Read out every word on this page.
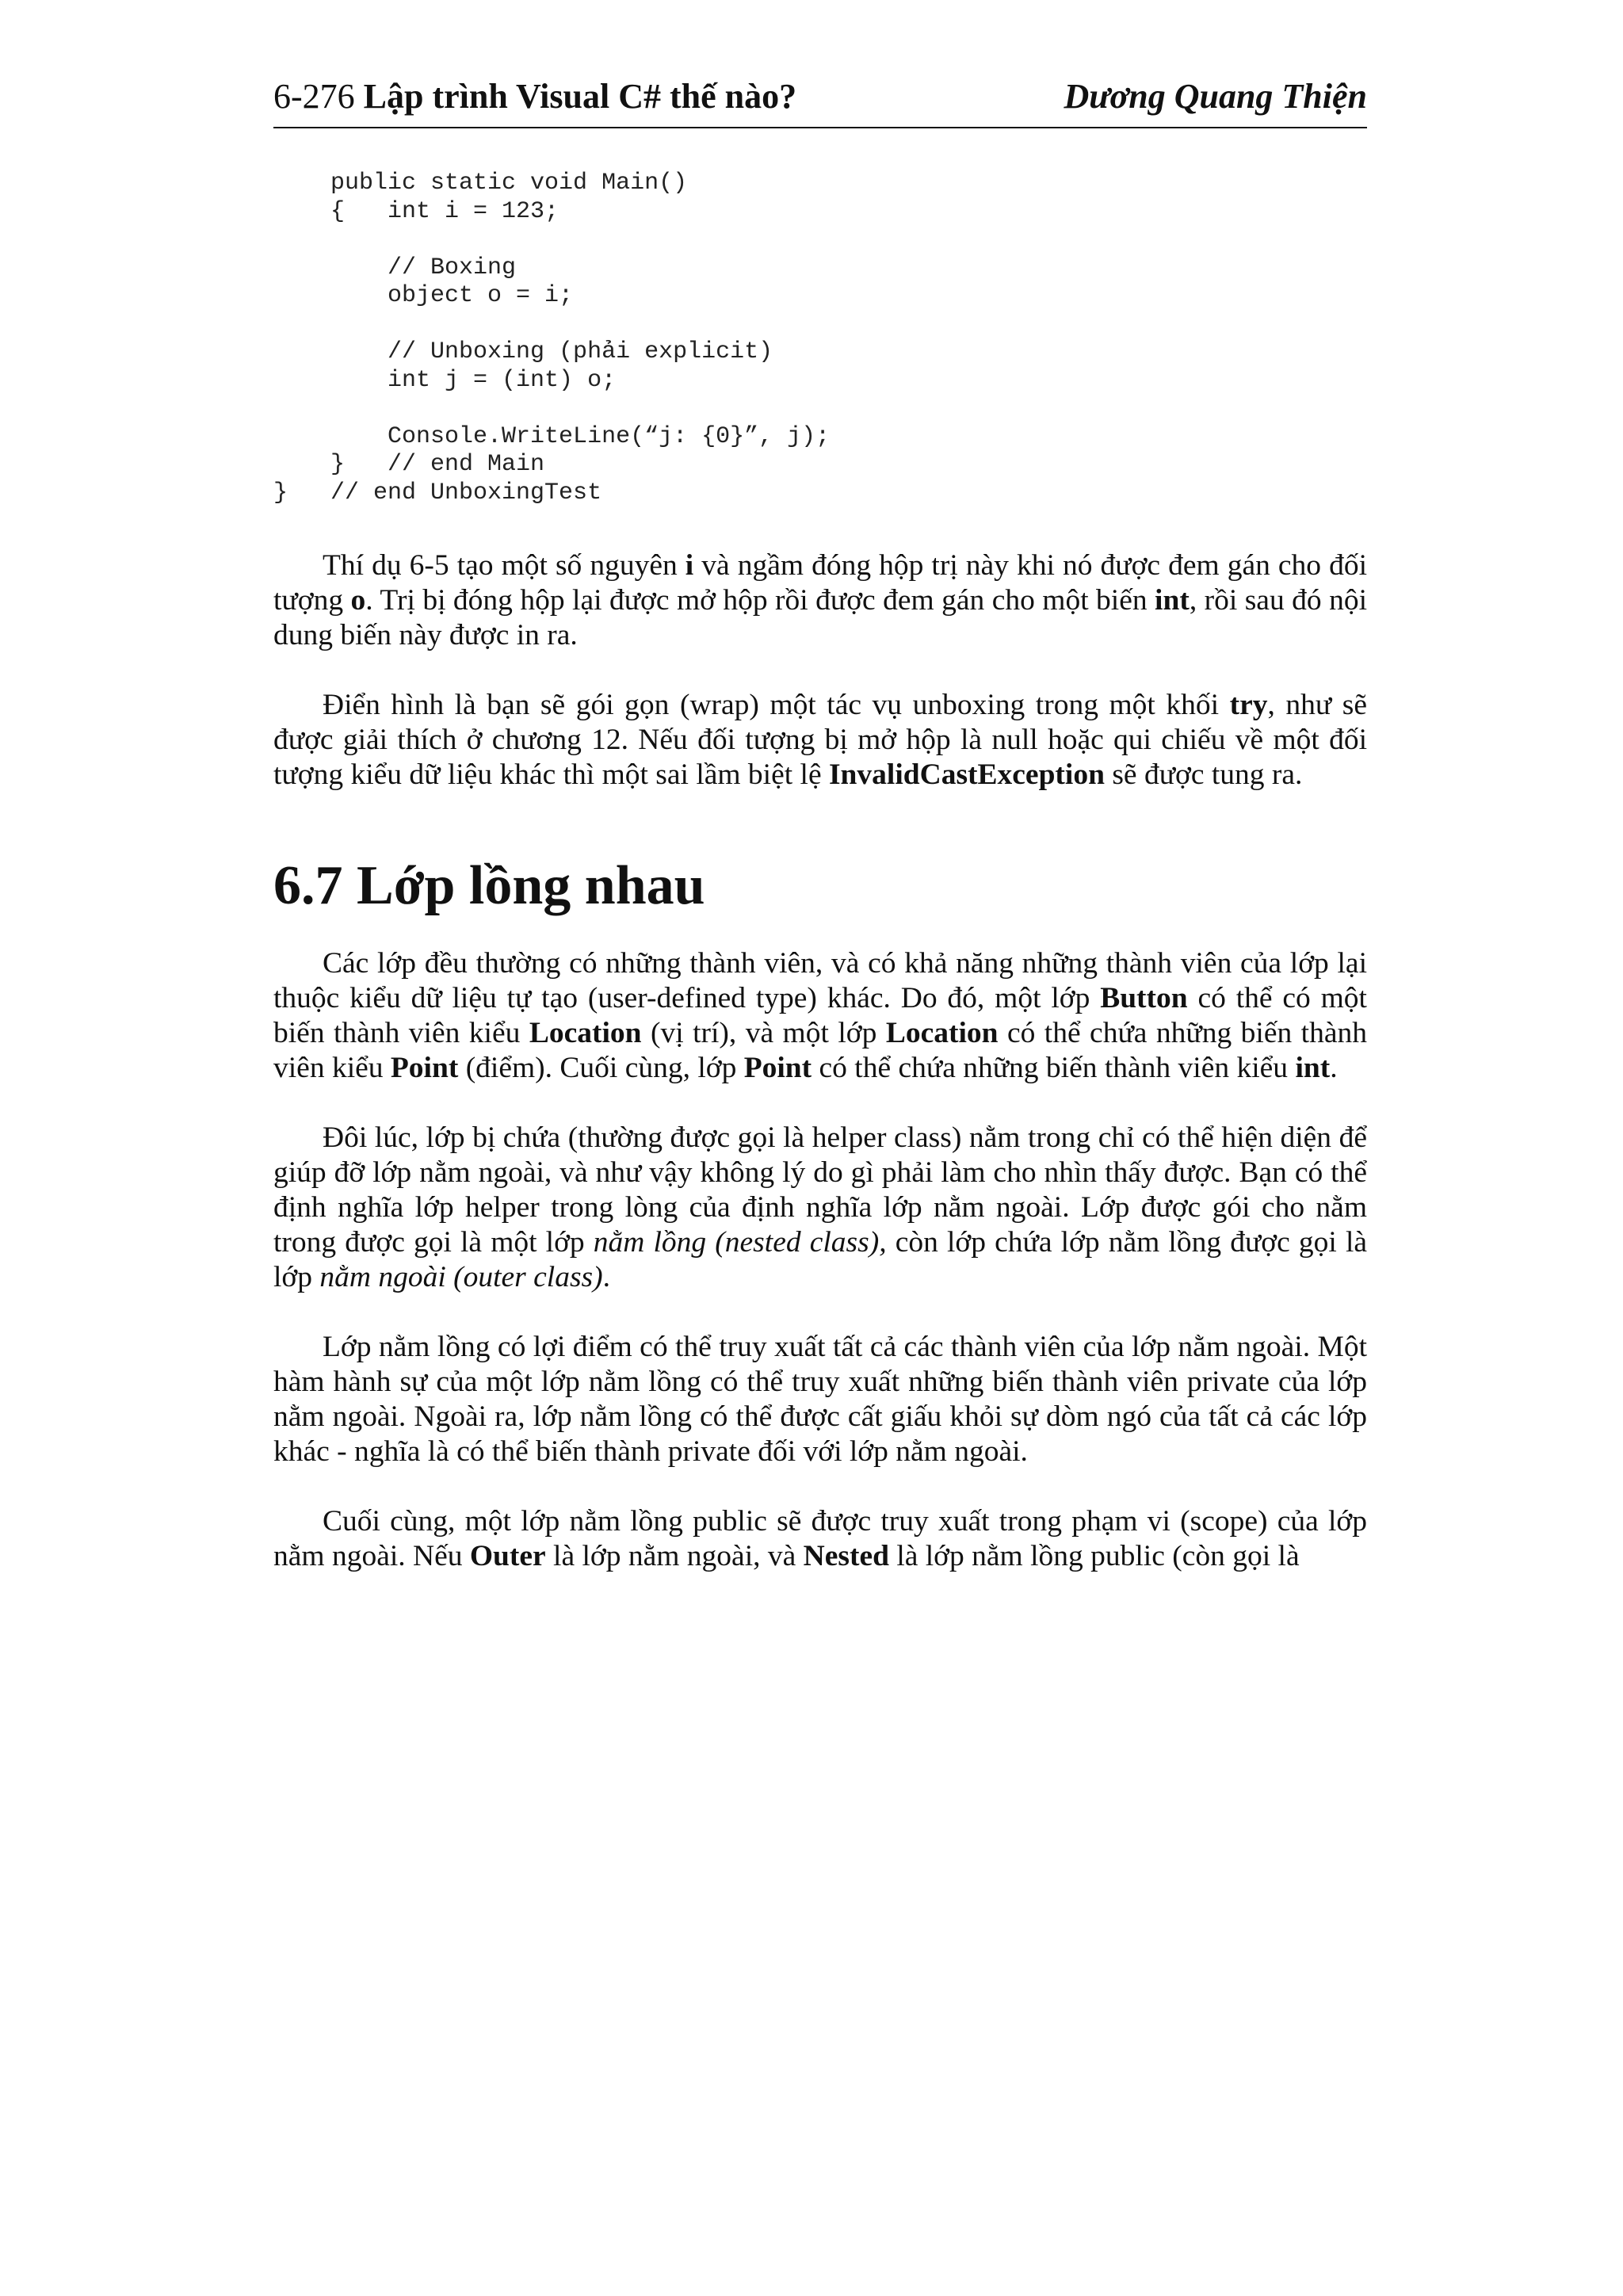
6-276 Lập trình Visual C# thế nào?	Dương Quang Thiện
public static void Main()
{   int i = 123;
// Boxing
object o = i;
// Unboxing (phải explicit)
int j = (int) o;
Console.WriteLine(“j: {0}”, j);
}   // end Main
}   // end UnboxingTest

Thí dụ 6-5 tạo một số nguyên i và ngầm đóng hộp trị này khi nó được đem gán cho đối tượng o. Trị bị đóng hộp lại được mở hộp rồi được đem gán cho một biến int, rồi sau đó nội dung biến này được in ra.

Điển hình là bạn sẽ gói gọn (wrap) một tác vụ unboxing trong một khối try, như sẽ được giải thích ở chương 12. Nếu đối tượng bị mở hộp là null hoặc qui chiếu về một đối tượng kiểu dữ liệu khác thì một sai lầm biệt lệ InvalidCastException sẽ được tung ra.

6.7 Lớp lồng nhau

Các lớp đều thường có những thành viên, và có khả năng những thành viên của lớp lại thuộc kiểu dữ liệu tự tạo (user-defined type) khác. Do đó, một lớp Button có thể có một biến thành viên kiểu Location (vị trí), và một lớp Location có thể chứa những biến thành viên kiểu Point (điểm). Cuối cùng, lớp Point có thể chứa những biến thành viên kiểu int.

Đôi lúc, lớp bị chứa (thường được gọi là helper class) nằm trong chỉ có thể hiện diện để giúp đỡ lớp nằm ngoài, và như vậy không lý do gì phải làm cho nhìn thấy được. Bạn có thể định nghĩa lớp helper trong lòng của định nghĩa lớp nằm ngoài. Lớp được gói cho nằm trong được gọi là một lớp nằm lồng (nested class), còn lớp chứa lớp nằm lồng được gọi là lớp nằm ngoài (outer class).

Lớp nằm lồng có lợi điểm có thể truy xuất tất cả các thành viên của lớp nằm ngoài. Một hàm hành sự của một lớp nằm lồng có thể truy xuất những biến thành viên private của lớp nằm ngoài. Ngoài ra, lớp nằm lồng có thể được cất giấu khỏi sự dòm ngó của tất cả các lớp khác - nghĩa là có thể biến thành private đối với lớp nằm ngoài.

Cuối cùng, một lớp nằm lồng public sẽ được truy xuất trong phạm vi (scope) của lớp nằm ngoài. Nếu Outer là lớp nằm ngoài, và Nested là lớp nằm lồng public (còn gọi là
